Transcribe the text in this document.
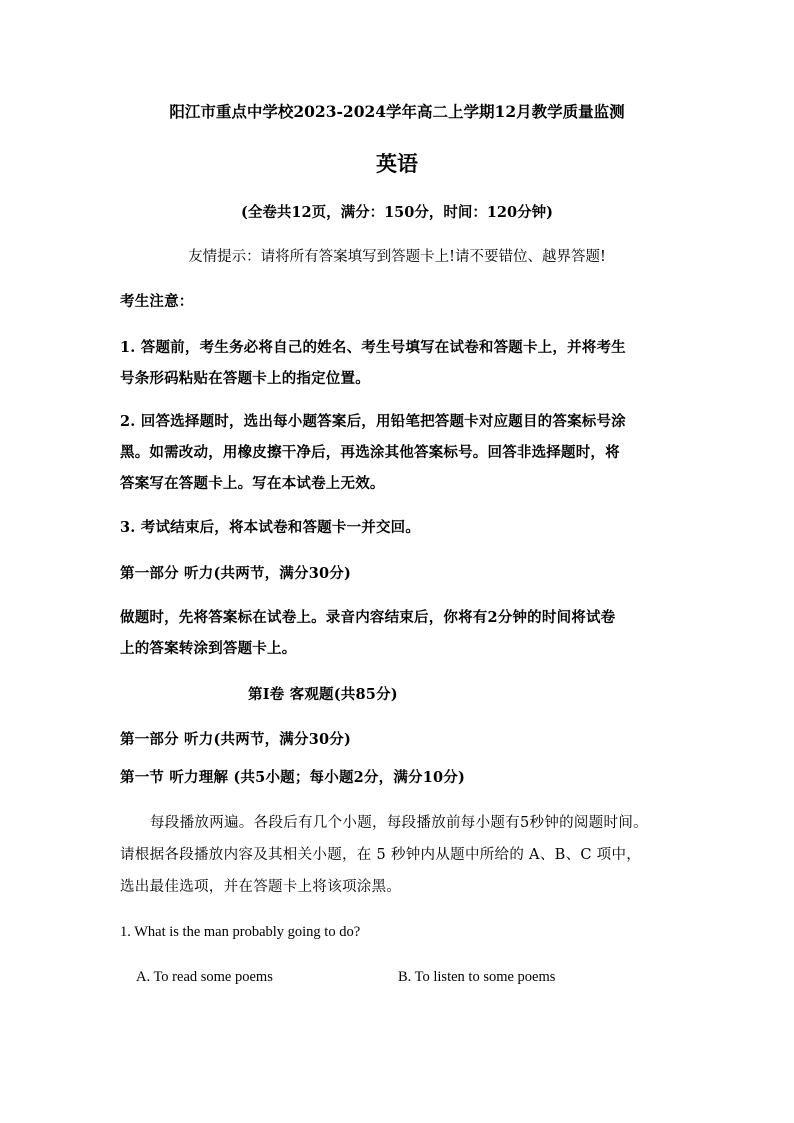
阳江市重点中学校2023-2024学年高二上学期12月教学质量监测
英语
(全卷共12页，满分：150分，时间：120分钟)
友情提示：请将所有答案填写到答题卡上!请不要错位、越界答题!
考生注意：
1. 答题前，考生务必将自己的姓名、考生号填写在试卷和答题卡上，并将考生
号条形码粘贴在答题卡上的指定位置。
2. 回答选择题时，选出每小题答案后，用铅笔把答题卡对应题目的答案标号涂
黑。如需改动，用橡皮擦干净后，再选涂其他答案标号。回答非选择题时，将
答案写在答题卡上。写在本试卷上无效。
3. 考试结束后，将本试卷和答题卡一并交回。
第一部分 听力(共两节，满分30分)
做题时，先将答案标在试卷上。录音内容结束后，你将有2分钟的时间将试卷
上的答案转涂到答题卡上。
第I卷 客观题(共85分)
第一部分 听力(共两节，满分30分)
第一节 听力理解 (共5小题；每小题2分，满分10分)
每段播放两遍。各段后有几个小题，每段播放前每小题有5秒钟的阅题时间。
请根据各段播放内容及其相关小题，在 5 秒钟内从题中所给的 A、B、C 项中，
选出最佳选项，并在答题卡上将该项涂黑。
1. What is the man probably going to do?
A. To read some poems	B. To listen to some poems
